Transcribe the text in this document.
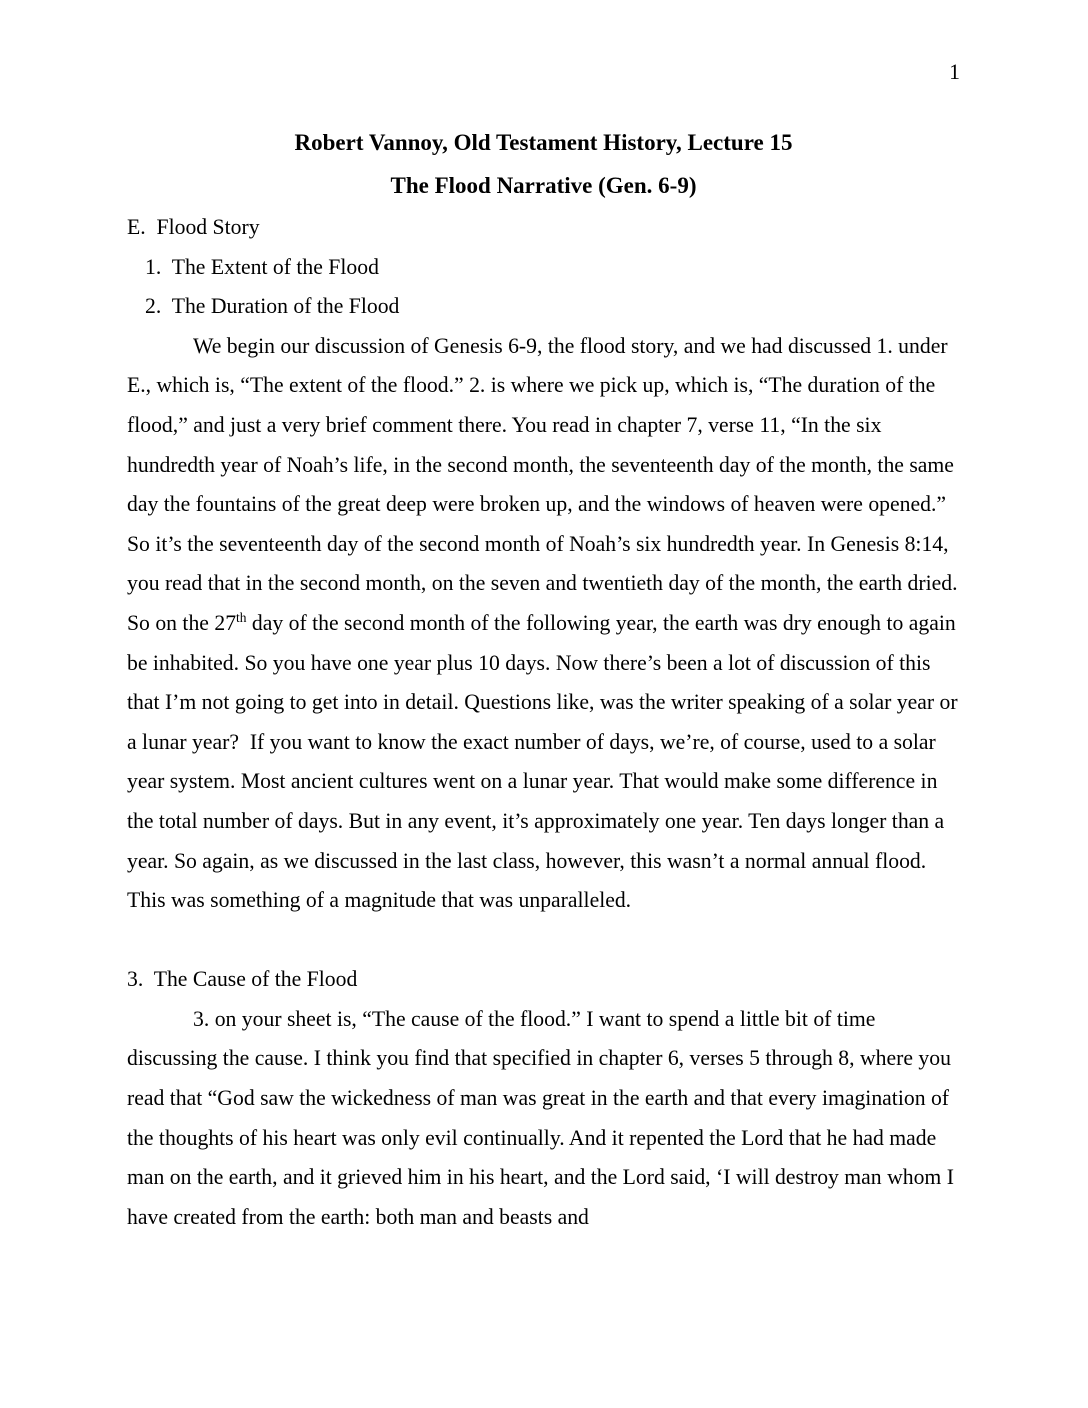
1
Robert Vannoy, Old Testament History, Lecture 15
The Flood Narrative (Gen. 6-9)
E.  Flood Story
1.  The Extent of the Flood
2.  The Duration of the Flood

We begin our discussion of Genesis 6-9, the flood story, and we had discussed 1. under E., which is, “The extent of the flood.” 2. is where we pick up, which is, “The duration of the flood,” and just a very brief comment there. You read in chapter 7, verse 11, “In the six hundredth year of Noah’s life, in the second month, the seventeenth day of the month, the same day the fountains of the great deep were broken up, and the windows of heaven were opened.” So it’s the seventeenth day of the second month of Noah’s six hundredth year. In Genesis 8:14, you read that in the second month, on the seven and twentieth day of the month, the earth dried. So on the 27th day of the second month of the following year, the earth was dry enough to again be inhabited. So you have one year plus 10 days. Now there’s been a lot of discussion of this that I’m not going to get into in detail. Questions like, was the writer speaking of a solar year or a lunar year?  If you want to know the exact number of days, we’re, of course, used to a solar year system. Most ancient cultures went on a lunar year. That would make some difference in the total number of days. But in any event, it’s approximately one year. Ten days longer than a year. So again, as we discussed in the last class, however, this wasn’t a normal annual flood. This was something of a magnitude that was unparalleled.

3.  The Cause of the Flood

3. on your sheet is, “The cause of the flood.” I want to spend a little bit of time discussing the cause. I think you find that specified in chapter 6, verses 5 through 8, where you read that “God saw the wickedness of man was great in the earth and that every imagination of the thoughts of his heart was only evil continually. And it repented the Lord that he had made man on the earth, and it grieved him in his heart, and the Lord said, ‘I will destroy man whom I have created from the earth: both man and beasts and
